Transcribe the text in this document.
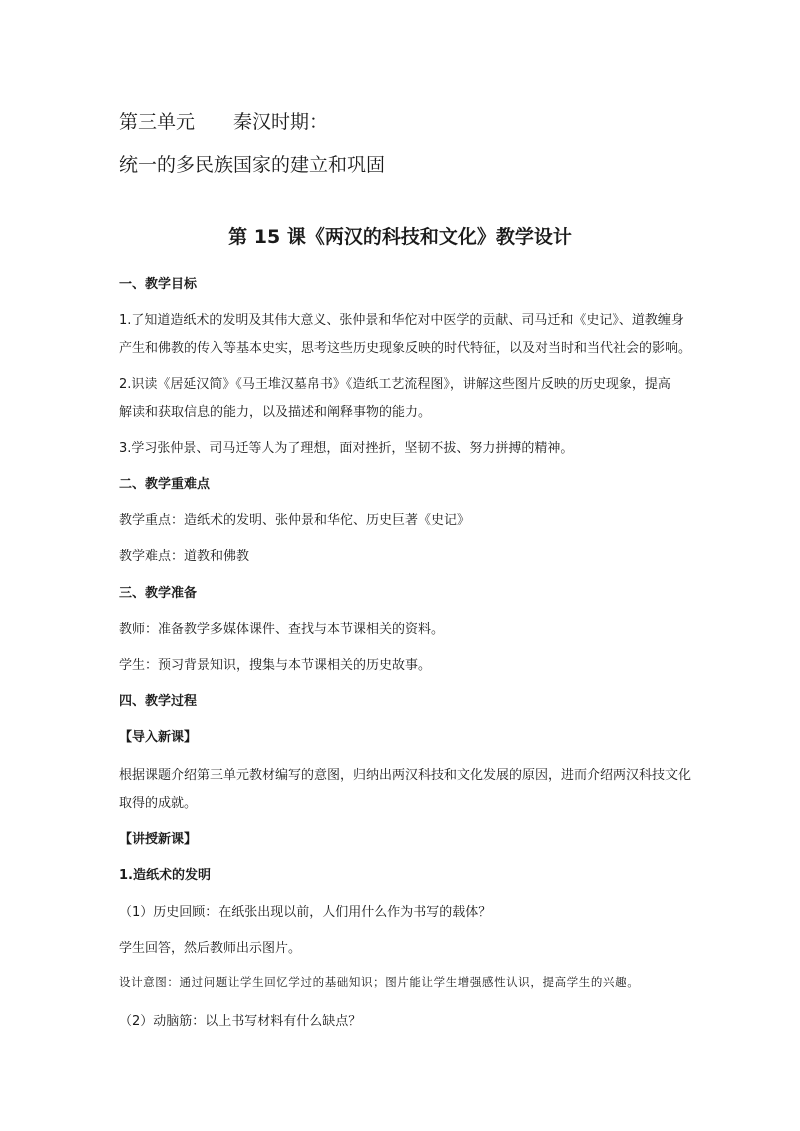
第三单元 秦汉时期：
统一的多民族国家的建立和巩固
第 15 课《两汉的科技和文化》教学设计
一、教学目标
1.了知道造纸术的发明及其伟大意义、张仲景和华佗对中医学的贡献、司马迁和《史记》、道教缠身
产生和佛教的传入等基本史实，思考这些历史现象反映的时代特征，以及对当时和当代社会的影响。
2.识读《居延汉简》《马王堆汉墓帛书》《造纸工艺流程图》，讲解这些图片反映的历史现象，提高
解读和获取信息的能力，以及描述和阐释事物的能力。
3.学习张仲景、司马迁等人为了理想，面对挫折，坚韧不拔、努力拼搏的精神。
二、教学重难点
教学重点：造纸术的发明、张仲景和华佗、历史巨著《史记》
教学难点：道教和佛教
三、教学准备
教师：准备教学多媒体课件、查找与本节课相关的资料。
学生：预习背景知识，搜集与本节课相关的历史故事。
四、教学过程
【导入新课】
根据课题介绍第三单元教材编写的意图，归纳出两汉科技和文化发展的原因，进而介绍两汉科技文化
取得的成就。
【讲授新课】
1.造纸术的发明
（1）历史回顾：在纸张出现以前，人们用什么作为书写的载体？
学生回答，然后教师出示图片。
设计意图：通过问题让学生回忆学过的基础知识；图片能让学生增强感性认识，提高学生的兴趣。
（2）动脑筋：以上书写材料有什么缺点？
